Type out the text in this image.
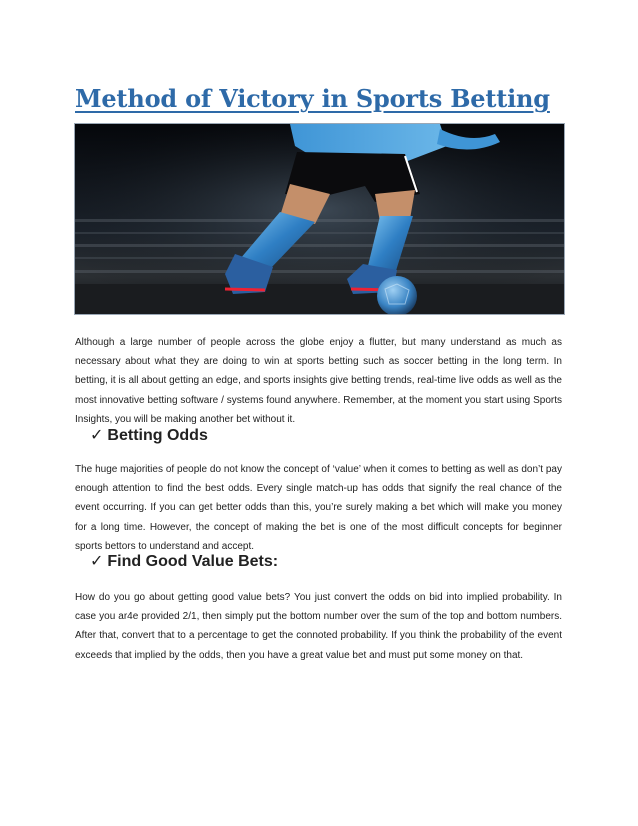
Method of Victory in Sports Betting

Although a large number of people across the globe enjoy a flutter, but many understand as much as necessary about what they are doing to win at sports betting such as soccer betting in the long term. In betting, it is all about getting an edge, and sports insights give betting trends, real-time live odds as well as the most innovative betting software / systems found anywhere. Remember, at the moment you start using Sports Insights, you will be making another bet without it.

✓ Betting Odds

The huge majorities of people do not know the concept of ‘value’ when it comes to betting as well as don’t pay enough attention to find the best odds. Every single match-up has odds that signify the real chance of the event occurring. If you can get better odds than this, you’re surely making a bet which will make you money for a long time. However, the concept of making the bet is one of the most difficult concepts for beginner sports bettors to understand and accept.

✓ Find Good Value Bets:

How do you go about getting good value bets? You just convert the odds on bid into implied probability. In case you ar4e provided 2/1, then simply put the bottom number over the sum of the top and bottom numbers. After that, convert that to a percentage to get the connoted probability. If you think the probability of the event exceeds that implied by the odds, then you have a great value bet and must put some money on that.
